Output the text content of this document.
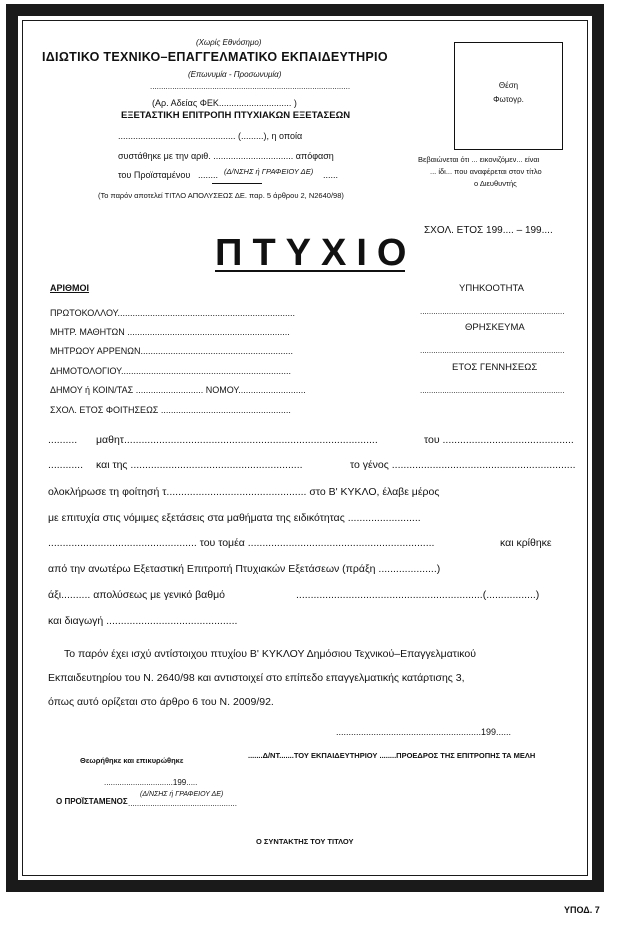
(Χωρίς Εθνόσημο)
ΙΔΙΩΤΙΚΟ ΤΕΧΝΙΚΟ–ΕΠΑΓΓΕΛΜΑΤΙΚΟ ΕΚΠΑΙΔΕΥΤΗΡΙΟ
(Επωνυμία - Προσωνυμία)
..........................................................................................
(Αρ. Αδείας ΦΕΚ............................. )
ΕΞΕΤΑΣΤΙΚΗ ΕΠΙΤΡΟΠΗ ΠΤΥΧΙΑΚΩΝ ΕΞΕΤΑΣΕΩΝ
............................................... (.........), η οποία
συστάθηκε με την αριθ. ................................ απόφαση
του Προϊσταμένου ........ (Δ/ΝΣΗΣ ή ΓΡΑΦΕΙΟΥ ΔΕ) ......
(Το παρόν αποτελεί ΤΙΤΛΟ ΑΠΟΛΥΣΕΩΣ ΔΕ. παρ. 5 άρθρου 2, Ν2640/98)
Θέση
Φωτογρ.
Βεβαιώνεται ότι ... εικονιζόμεν... είναι
... ίδι... που αναφέρεται στον τίτλο
ο Διευθυντής
ΣΧΟΛ. ΕΤΟΣ 199.... – 199....
ΠΤΥΧΙΟ
ΑΡΙΘΜΟΙ
ΠΡΩΤΟΚΟΛΛΟΥ.......................................................................
ΜΗΤΡ. ΜΑΘΗΤΩΝ .................................................................
ΜΗΤΡΩΟΥ ΑΡΡΕΝΩΝ.............................................................
ΔΗΜΟΤΟΛΟΓΙΟΥ....................................................................
ΔΗΜΟΥ ή ΚΟΙΝ/ΤΑΣ ........................... ΝΟΜΟΥ...........................
ΣΧΟΛ. ΕΤΟΣ ΦΟΙΤΗΣΕΩΣ ....................................................
ΥΠΗΚΟΟΤΗΤΑ
.................................................................
ΘΡΗΣΚΕΥΜΑ
.................................................................
ΕΤΟΣ ΓΕΝΝΗΣΕΩΣ
.................................................................
.......... μαθητ.......................................................................................	του .............................................
............ και της ...........................................................	το γένος ...............................................................
ολοκλήρωσε τη φοίτησή τ................................................ στο Β' ΚΥΚΛΟ, έλαβε μέρος
με επιτυχία στις νόμιμες εξετάσεις στα μαθήματα της ειδικότητας .........................
................................................... του τομέα ................................................................	και κρίθηκε
από την ανωτέρω Εξεταστική Επιτροπή Πτυχιακών Εξετάσεων (πράξη ....................)
άξι.......... απολύσεως με γενικό βαθμό	................................................................(.................)
και διαγωγή .............................................
Το παρόν έχει ισχύ αντίστοιχου πτυχίου Β' ΚΥΚΛΟΥ Δημόσιου Τεχνικού–Επαγγελματικού
Εκπαιδευτηρίου του Ν. 2640/98 και αντιστοιχεί στο επίπεδο επαγγελματικής κατάρτισης 3,
όπως αυτό ορίζεται στο άρθρο 6 του Ν. 2009/92.
..........................................................199......
Θεωρήθηκε και επικυρώθηκε
.......Δ/ΝΤ.......ΤΟΥ ΕΚΠΑΙΔΕΥΤΗΡΙΟΥ ........ΠΡΟΕΔΡΟΣ ΤΗΣ ΕΠΙΤΡΟΠΗΣ ΤΑ ΜΕΛΗ
...............................199.....
Ο ΠΡΟΪΣΤΑΜΕΝΟΣ
(Δ/ΝΣΗΣ ή ΓΡΑΦΕΙΟΥ ΔΕ)
.................................................
Ο ΣΥΝΤΑΚΤΗΣ ΤΟΥ ΤΙΤΛΟΥ
ΥΠΟΔ. 7
